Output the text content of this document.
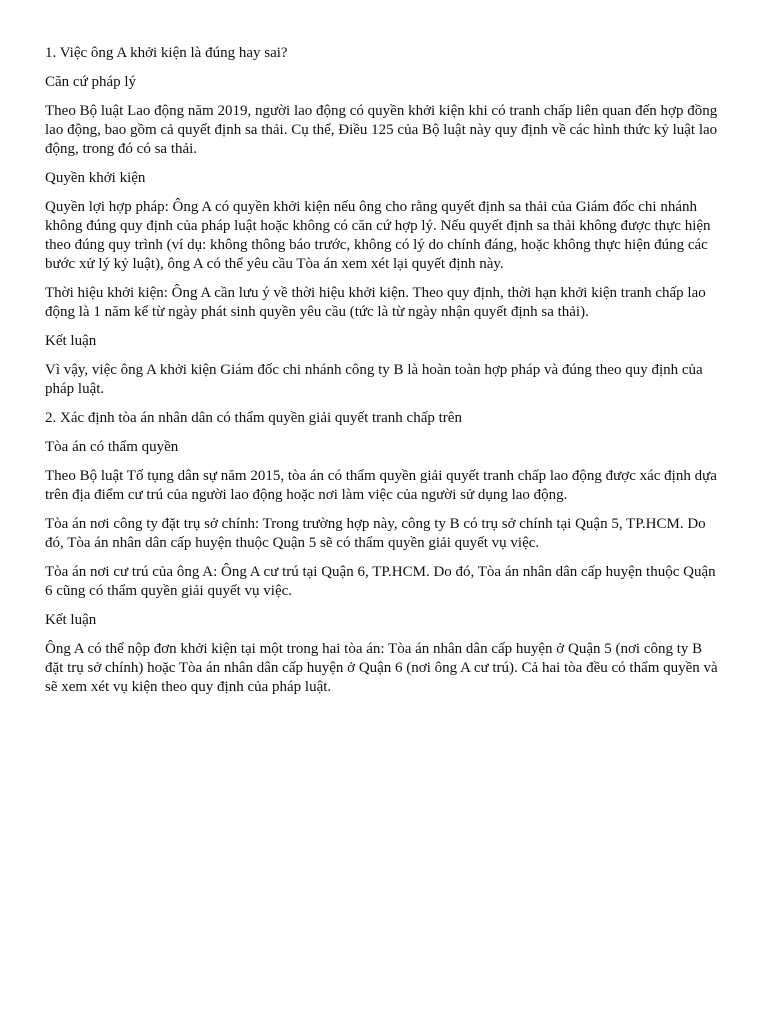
1. Việc ông A khởi kiện là đúng hay sai?

Căn cứ pháp lý

Theo Bộ luật Lao động năm 2019, người lao động có quyền khởi kiện khi có tranh chấp liên quan đến hợp đồng lao động, bao gồm cả quyết định sa thải. Cụ thể, Điều 125 của Bộ luật này quy định về các hình thức kỷ luật lao động, trong đó có sa thải.

Quyền khởi kiện

Quyền lợi hợp pháp: Ông A có quyền khởi kiện nếu ông cho rằng quyết định sa thải của Giám đốc chi nhánh không đúng quy định của pháp luật hoặc không có căn cứ hợp lý. Nếu quyết định sa thải không được thực hiện theo đúng quy trình (ví dụ: không thông báo trước, không có lý do chính đáng, hoặc không thực hiện đúng các bước xử lý kỷ luật), ông A có thể yêu cầu Tòa án xem xét lại quyết định này.

Thời hiệu khởi kiện: Ông A cần lưu ý về thời hiệu khởi kiện. Theo quy định, thời hạn khởi kiện tranh chấp lao động là 1 năm kể từ ngày phát sinh quyền yêu cầu (tức là từ ngày nhận quyết định sa thải).

Kết luận

Vì vậy, việc ông A khởi kiện Giám đốc chi nhánh công ty B là hoàn toàn hợp pháp và đúng theo quy định của pháp luật.

2. Xác định tòa án nhân dân có thẩm quyền giải quyết tranh chấp trên

Tòa án có thẩm quyền

Theo Bộ luật Tố tụng dân sự năm 2015, tòa án có thẩm quyền giải quyết tranh chấp lao động được xác định dựa trên địa điểm cư trú của người lao động hoặc nơi làm việc của người sử dụng lao động.

Tòa án nơi công ty đặt trụ sở chính: Trong trường hợp này, công ty B có trụ sở chính tại Quận 5, TP.HCM. Do đó, Tòa án nhân dân cấp huyện thuộc Quận 5 sẽ có thẩm quyền giải quyết vụ việc.

Tòa án nơi cư trú của ông A: Ông A cư trú tại Quận 6, TP.HCM. Do đó, Tòa án nhân dân cấp huyện thuộc Quận 6 cũng có thẩm quyền giải quyết vụ việc.

Kết luận

Ông A có thể nộp đơn khởi kiện tại một trong hai tòa án: Tòa án nhân dân cấp huyện ở Quận 5 (nơi công ty B đặt trụ sở chính) hoặc Tòa án nhân dân cấp huyện ở Quận 6 (nơi ông A cư trú). Cả hai tòa đều có thẩm quyền và sẽ xem xét vụ kiện theo quy định của pháp luật.
